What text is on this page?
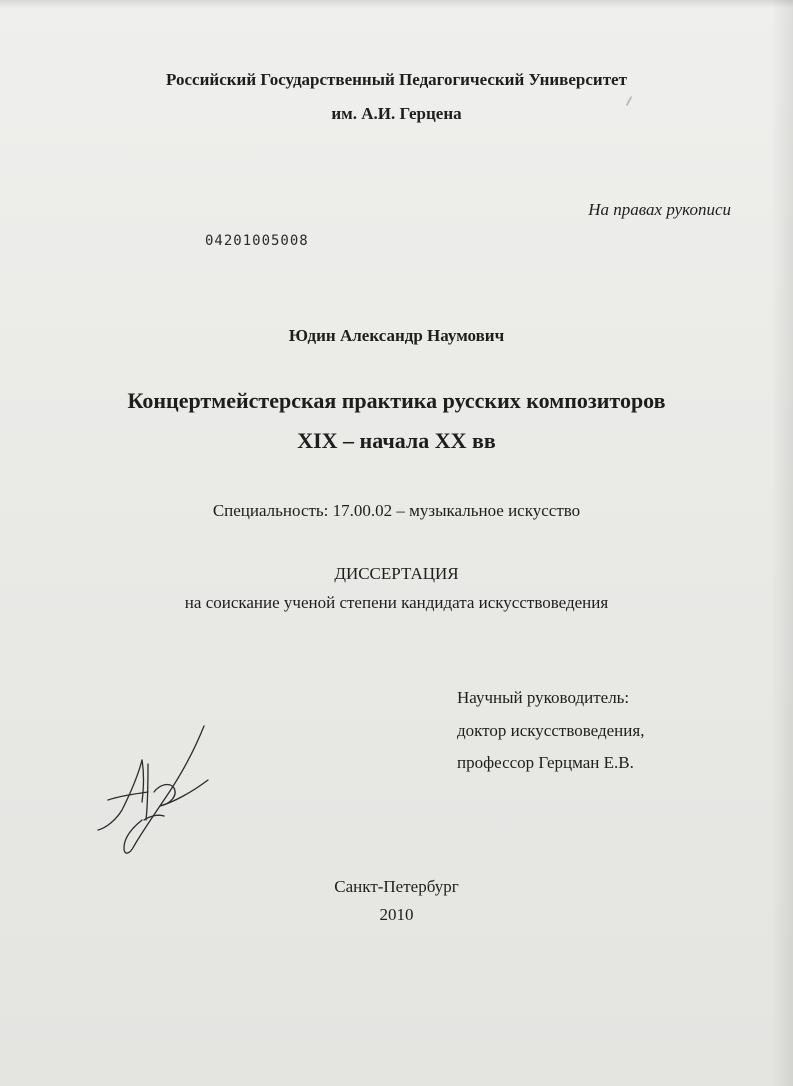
Российский Государственный Педагогический Университет
им. А.И. Герцена
На правах рукописи
04201005008
Юдин Александр Наумович
Концертмейстерская практика русских композиторов
XIX – начала XX вв
Специальность: 17.00.02 – музыкальное искусство
ДИССЕРТАЦИЯ
на соискание ученой степени кандидата искусствоведения
Научный руководитель:
доктор искусствоведения,
профессор Герцман Е.В.
Санкт-Петербург
2010
